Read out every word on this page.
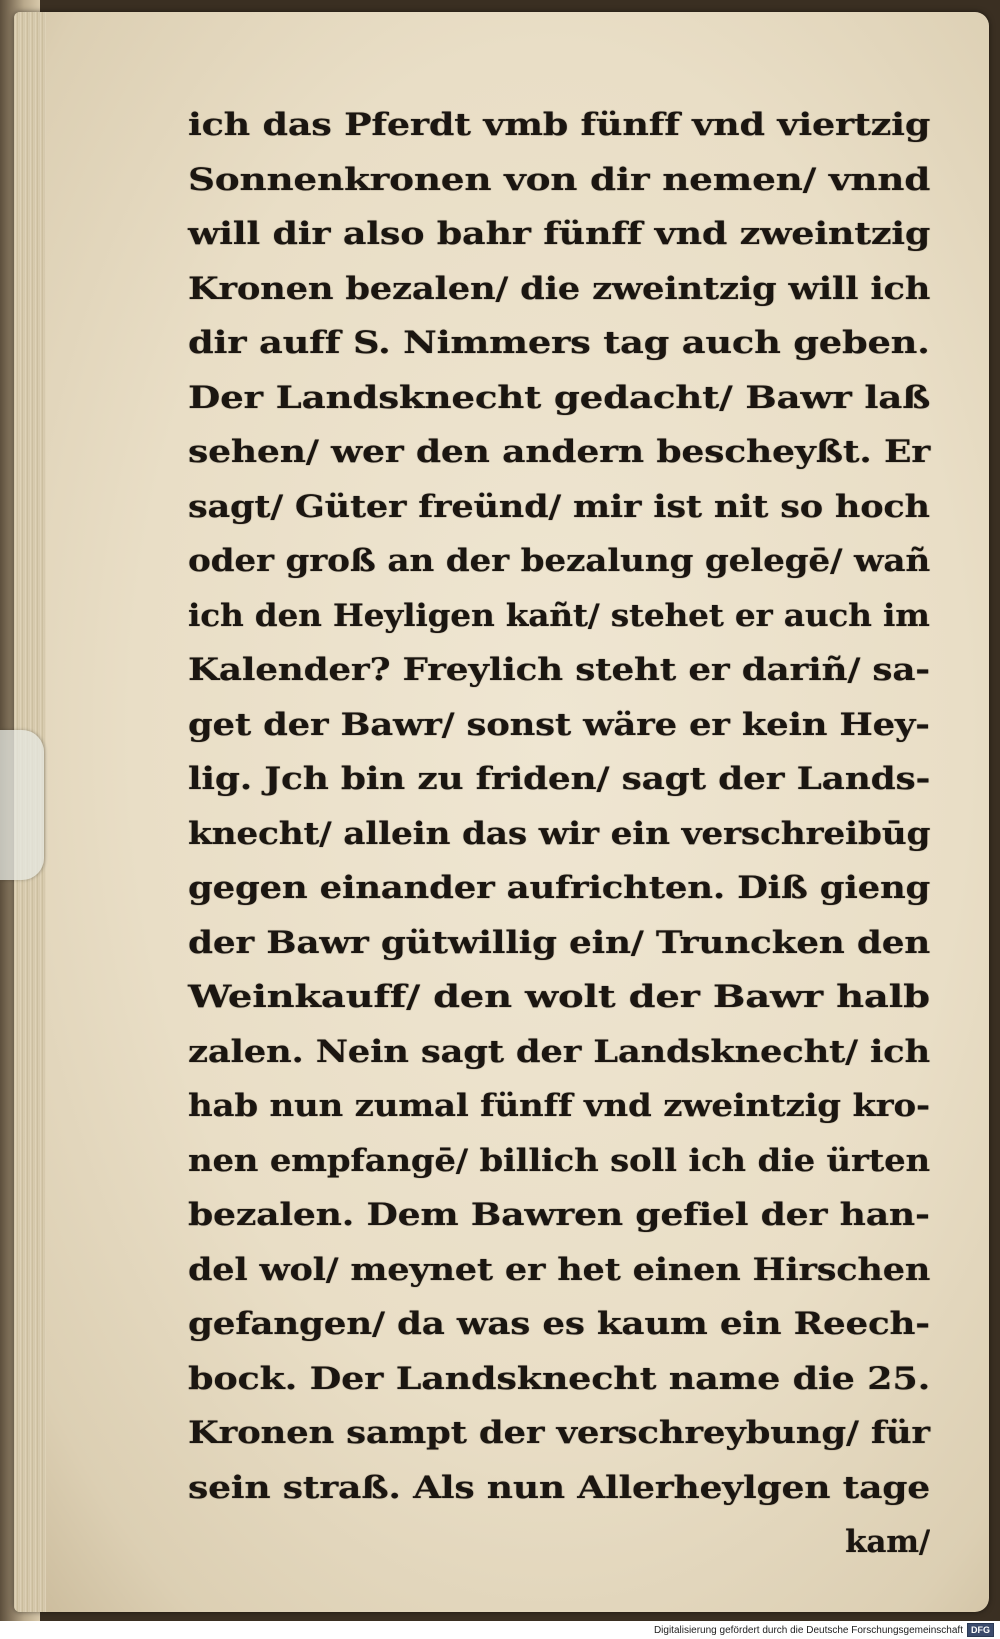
ich das Pferdt vmb fünff vnd viertzig
Sonnenkronen von dir nemen/ vnnd
will dir also bahr fünff vnd zweintzig
Kronen bezalen/ die zweintzig will ich
dir auff S. Nimmers tag auch geben.
Der Landsknecht gedacht/ Bawr laß
sehen/ wer den andern bescheyßt. Er
sagt/ Güter freünd/ mir ist nit so hoch
oder groß an der bezalung gelegē/ wañ
ich den Heyligen kañt/ stehet er auch im
Kalender? Freylich steht er dariñ/ sa-
get der Bawr/ sonst wäre er kein Hey-
lig. Jch bin zu friden/ sagt der Lands-
knecht/ allein das wir ein verschreibūg
gegen einander aufrichten. Diß gieng
der Bawr gütwillig ein/ Truncken den
Weinkauff/ den wolt der Bawr halb
zalen. Nein sagt der Landsknecht/ ich
hab nun zumal fünff vnd zweintzig kro-
nen empfangē/ billich soll ich die ürten
bezalen. Dem Bawren gefiel der han-
del wol/ meynet er het einen Hirschen
gefangen/ da was es kaum ein Reech-
bock. Der Landsknecht name die 25.
Kronen sampt der verschreybung/ für
sein straß. Als nun Allerheylgen tage
kam/
Digitalisierung gefördert durch die Deutsche Forschungsgemeinschaft DFG
